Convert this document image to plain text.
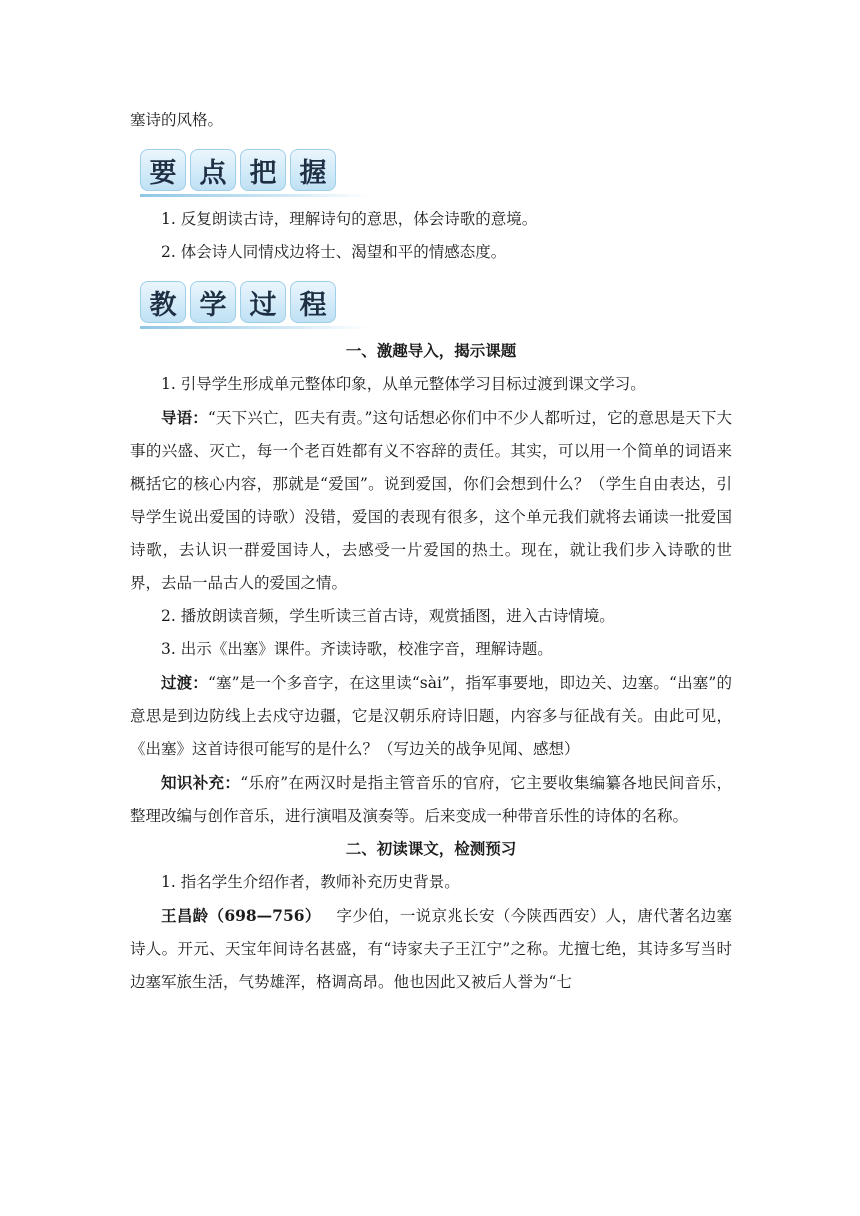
塞诗的风格。

要 点 把 握

1. 反复朗读古诗，理解诗句的意思，体会诗歌的意境。

2. 体会诗人同情戍边将士、渴望和平的情感态度。

教 学 过 程

一、激趣导入，揭示课题

1. 引导学生形成单元整体印象，从单元整体学习目标过渡到课文学习。

导语：“天下兴亡，匹夫有责。”这句话想必你们中不少人都听过，它的意思是天下大事的兴盛、灭亡，每一个老百姓都有义不容辞的责任。其实，可以用一个简单的词语来概括它的核心内容，那就是“爱国”。说到爱国，你们会想到什么？（学生自由表达，引导学生说出爱国的诗歌）没错，爱国的表现有很多，这个单元我们就将去诵读一批爱国诗歌，去认识一群爱国诗人，去感受一片爱国的热土。现在，就让我们步入诗歌的世界，去品一品古人的爱国之情。

2. 播放朗读音频，学生听读三首古诗，观赏插图，进入古诗情境。

3. 出示《出塞》课件。齐读诗歌，校准字音，理解诗题。

过渡：“塞”是一个多音字，在这里读“sài”，指军事要地，即边关、边塞。“出塞”的意思是到边防线上去戍守边疆，它是汉朝乐府诗旧题，内容多与征战有关。由此可见，《出塞》这首诗很可能写的是什么？（写边关的战争见闻、感想）

知识补充：“乐府”在两汉时是指主管音乐的官府，它主要收集编纂各地民间音乐，整理改编与创作音乐，进行演唱及演奏等。后来变成一种带音乐性的诗体的名称。

二、初读课文，检测预习

1. 指名学生介绍作者，教师补充历史背景。

王昌龄（698—756） 字少伯，一说京兆长安（今陕西西安）人，唐代著名边塞诗人。开元、天宝年间诗名甚盛，有“诗家夫子王江宁”之称。尤擅七绝，其诗多写当时边塞军旅生活，气势雄浑，格调高昂。他也因此又被后人誉为“七
